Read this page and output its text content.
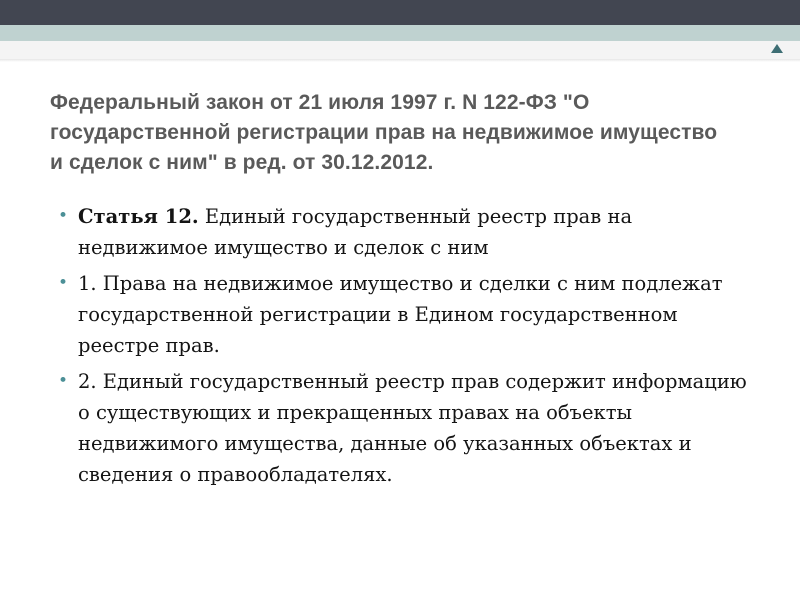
Федеральный закон от 21 июля 1997 г. N 122-ФЗ "О государственной регистрации прав на недвижимое имущество и сделок с ним" в ред. от 30.12.2012.
• Статья 12. Единый государственный реестр прав на недвижимое имущество и сделок с ним
• 1. Права на недвижимое имущество и сделки с ним подлежат государственной регистрации в Едином государственном реестре прав.
• 2. Единый государственный реестр прав содержит информацию о существующих и прекращенных правах на объекты недвижимого имущества, данные об указанных объектах и сведения о правообладателях.
